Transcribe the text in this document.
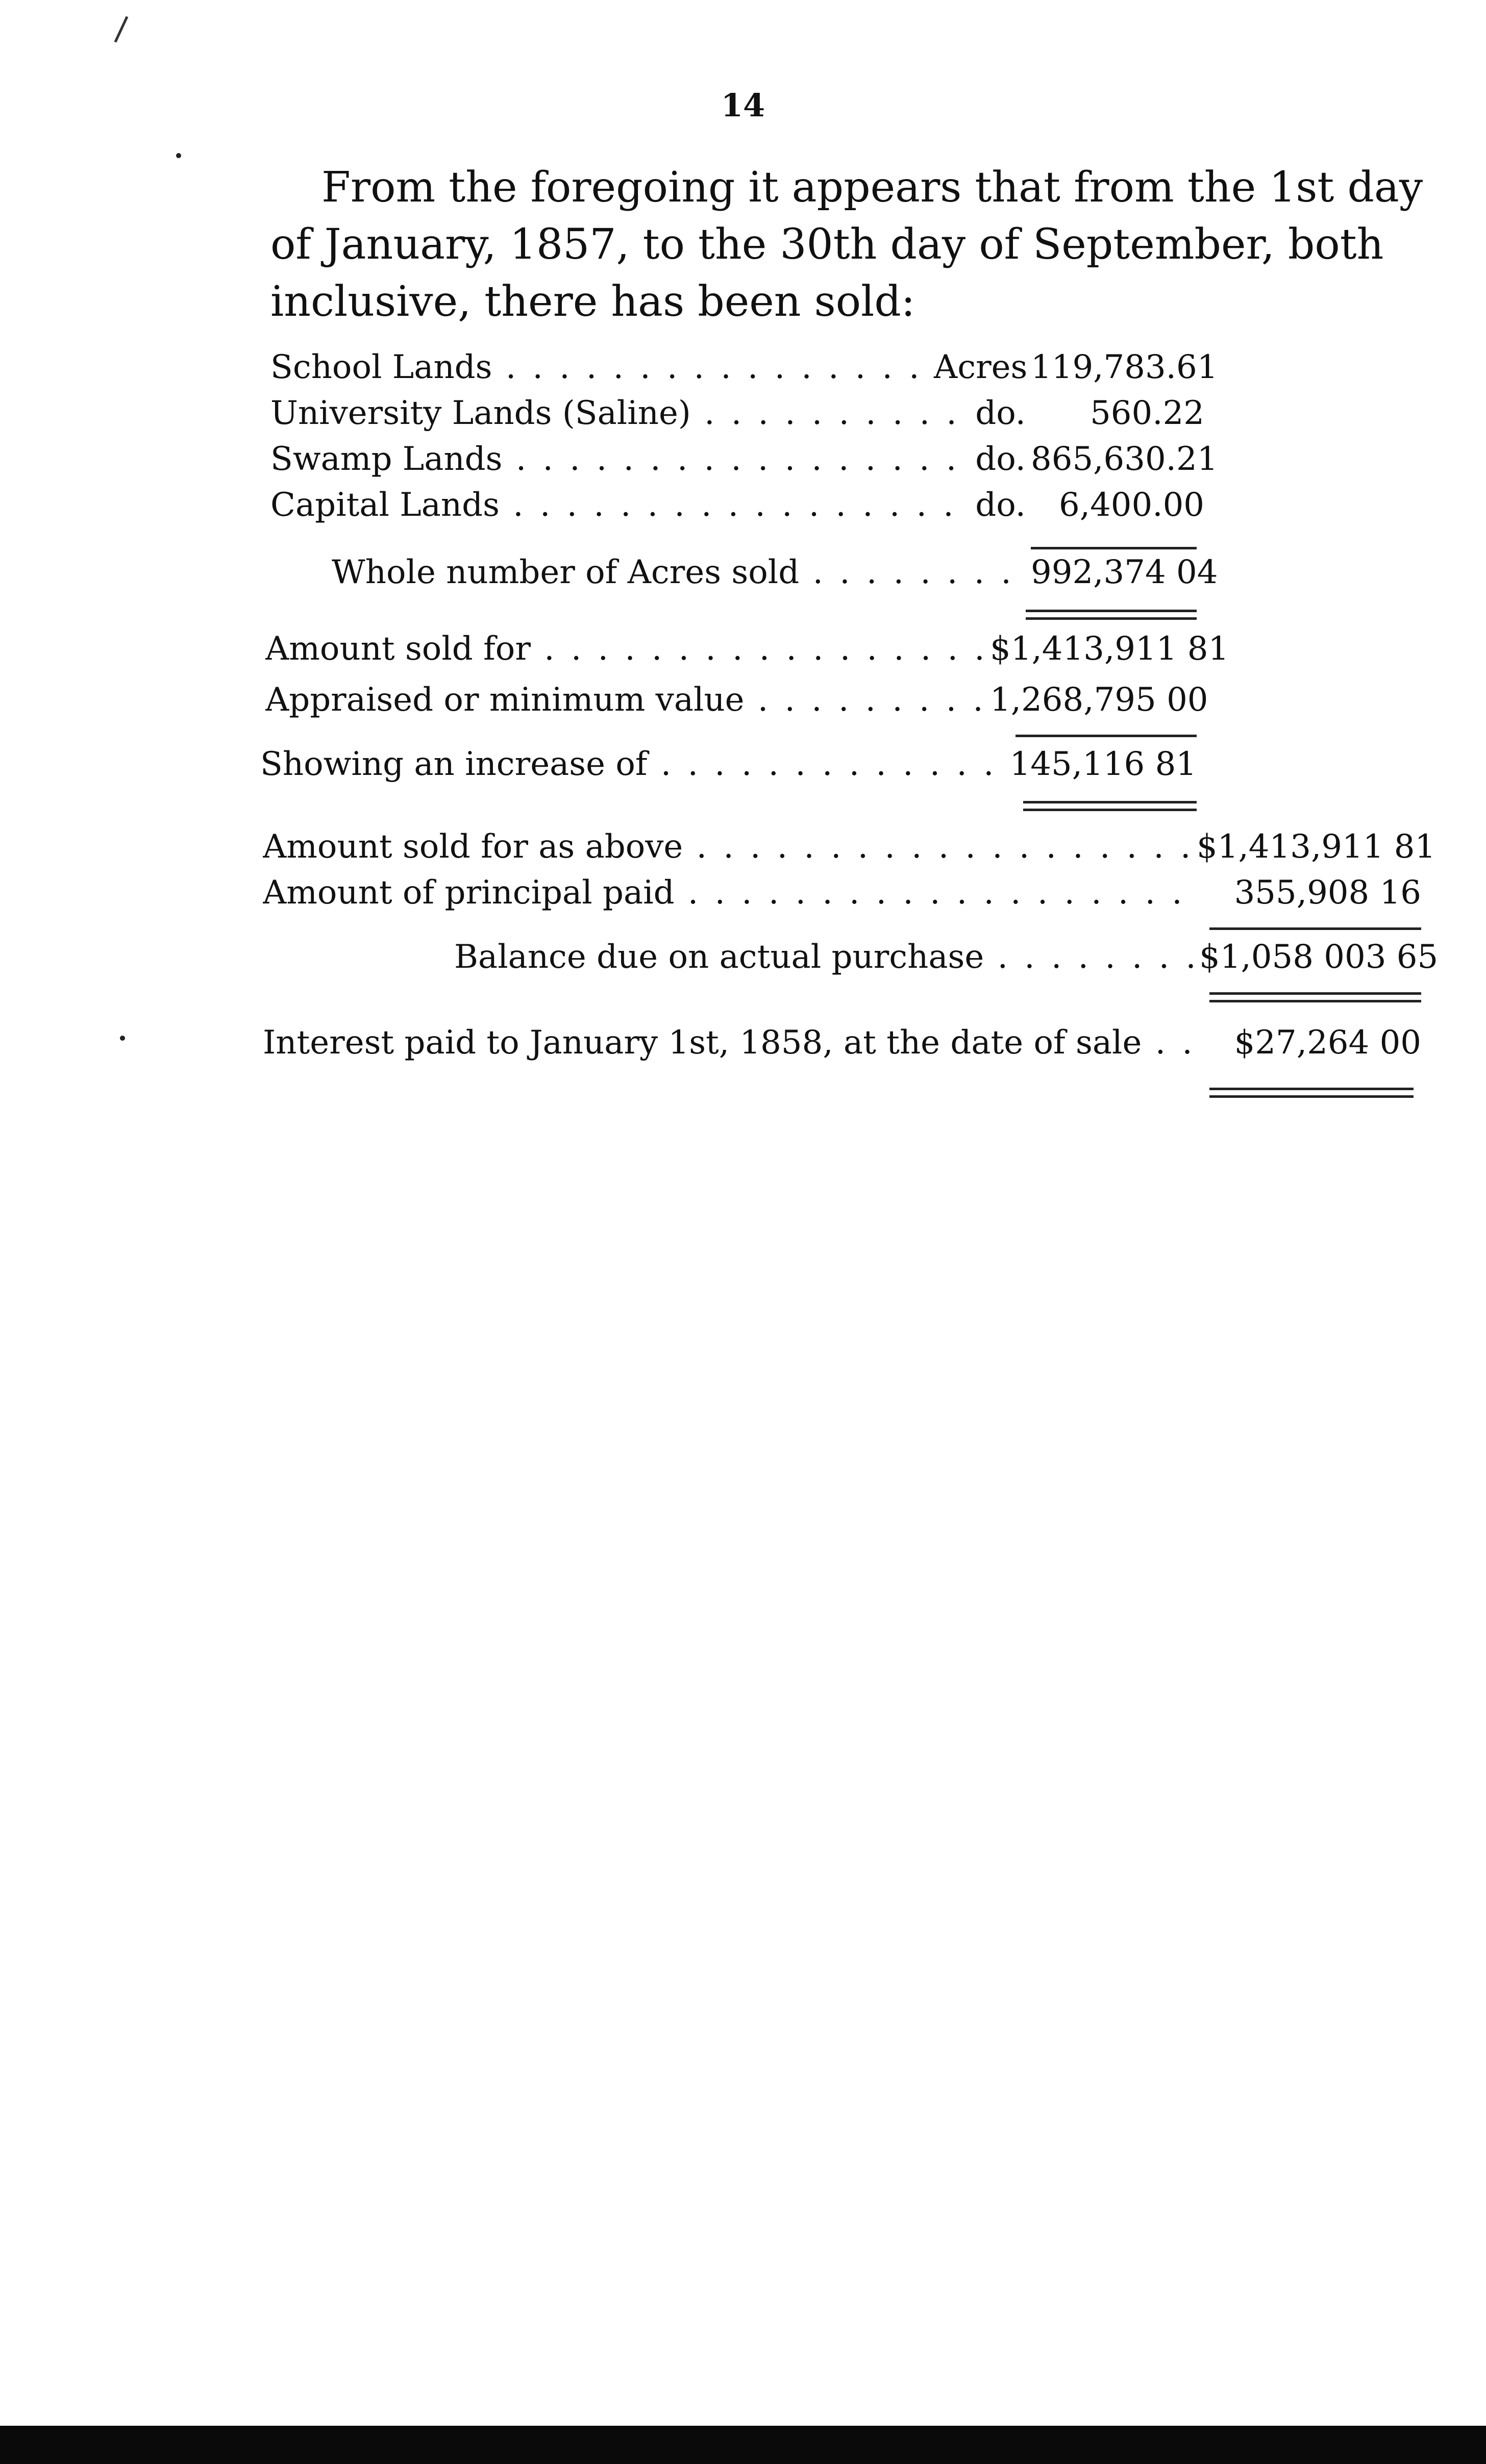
14

From the foregoing it appears that from the 1st day of January, 1857, to the 30th day of September, both inclusive, there has been sold:

School Lands . . .	Acres 119,783.61
University Lands (Saline) . . .	do.	560.22
Swamp Lands . . .	do. 865,630.21
Capital Lands . . .	do.	6,400.00
Whole number of Acres sold . . .	992,374 04
Amount sold for . . .	$1,413,911 81
Appraised or minimum value . . .	1,268,795 00
Showing an increase of . . .	145,116 81
Amount sold for as above . . .	$1,413,911 81
Amount of principal paid . . .	355,908 16
Balance due on actual purchase . . .	$1,058 003 65
Interest paid to January 1st, 1858, at the date of sale . . .	$27,264 00
